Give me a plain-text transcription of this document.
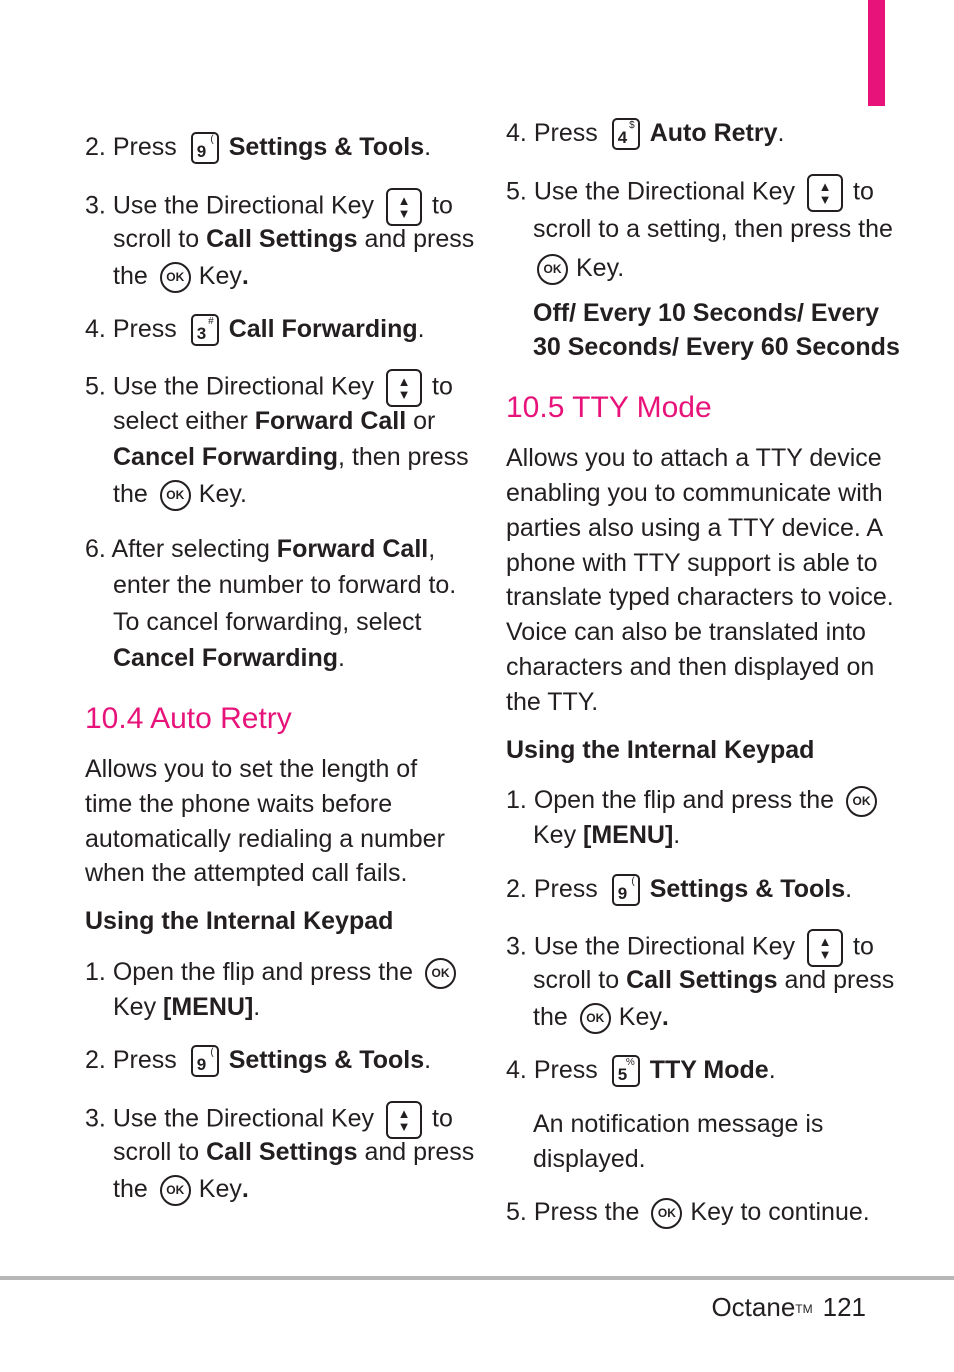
2. Press	(
9 Settings & Tools.
3. Use the Directional Key ▲
▼ to
scroll to Call Settings and press
the	OK Key.
4. Press	#
3 Call Forwarding.
5. Use the Directional Key ▲
▼ to
select either Forward Call or
Cancel Forwarding, then press
the	OK Key.
6. After selecting Forward Call,
enter the number to forward to.
To cancel forwarding, select
Cancel Forwarding.
10.4 Auto Retry
Allows you to set the length of
time the phone waits before
automatically redialing a number
when the attempted call fails.
Using the Internal Keypad
1. Open the flip and press the	OK
Key [MENU].
2. Press	(
9 Settings & Tools.
3. Use the Directional Key ▲
▼ to
scroll to Call Settings and press
the	OK Key.
4. Press	$
4 Auto Retry.
5. Use the Directional Key ▲
▼ to
scroll to a setting, then press the
OK Key.
Off/ Every 10 Seconds/ Every
30 Seconds/ Every 60 Seconds
10.5 TTY Mode
Allows you to attach a TTY device
enabling you to communicate with
parties also using a TTY device. A
phone with TTY support is able to
translate typed characters to voice.
Voice can also be translated into
characters and then displayed on
the TTY.
Using the Internal Keypad
1. Open the flip and press the	OK
Key [MENU].
2. Press	(
9 Settings & Tools.
3. Use the Directional Key ▲
▼ to
scroll to Call Settings and press
the	OK Key.
4. Press	%
5 TTY Mode.
An notification message is
displayed.
5. Press the	OK Key to continue.
Octane™ 121
